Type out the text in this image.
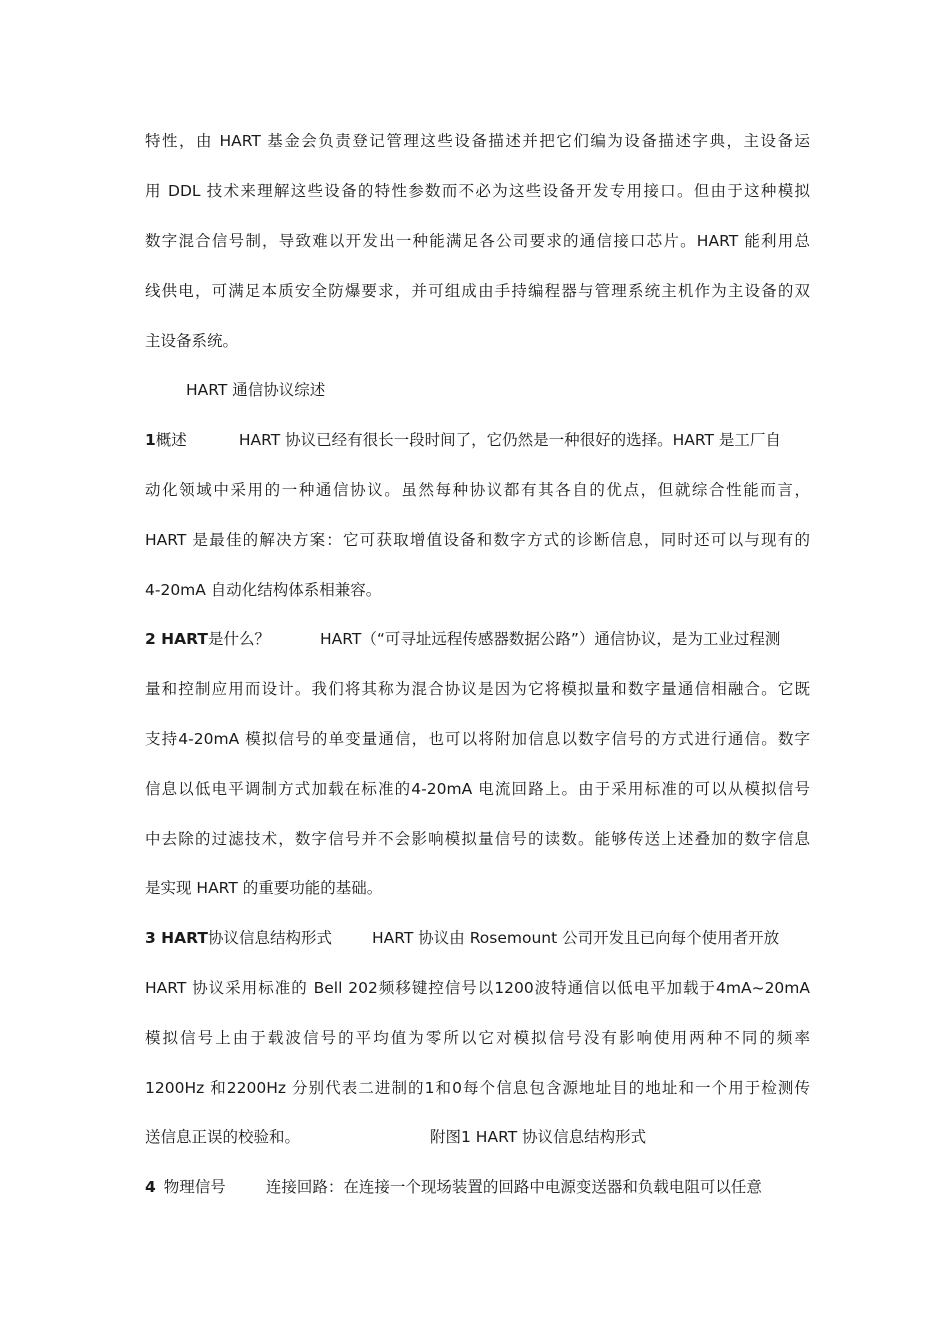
特性，由 HART 基金会负责登记管理这些设备描述并把它们编为设备描述字典，主设备运
用 DDL 技术来理解这些设备的特性参数而不必为这些设备开发专用接口。但由于这种模拟
数字混合信号制，导致难以开发出一种能满足各公司要求的通信接口芯片。HART 能利用总
线供电，可满足本质安全防爆要求，并可组成由手持编程器与管理系统主机作为主设备的双
主设备系统。
HART 通信协议综述
1概述	HART 协议已经有很长一段时间了，它仍然是一种很好的选择。HART 是工厂自
动化领域中采用的一种通信协议。虽然每种协议都有其各自的优点，但就综合性能而言，
HART 是最佳的解决方案：它可获取增值设备和数字方式的诊断信息，同时还可以与现有的
4-20mA 自动化结构体系相兼容。
2 HART是什么？	HART（“可寻址远程传感器数据公路”）通信协议，是为工业过程测
量和控制应用而设计。我们将其称为混合协议是因为它将模拟量和数字量通信相融合。它既
支持4-20mA 模拟信号的单变量通信，也可以将附加信息以数字信号的方式进行通信。数字
信息以低电平调制方式加载在标准的4-20mA 电流回路上。由于采用标准的可以从模拟信号
中去除的过滤技术，数字信号并不会影响模拟量信号的读数。能够传送上述叠加的数字信息
是实现 HART 的重要功能的基础。
3 HART协议信息结构形式	HART 协议由 Rosemount 公司开发且已向每个使用者开放
HART 协议采用标准的 Bell 202频移键控信号以1200波特通信以低电平加载于4mA~20mA
模拟信号上由于载波信号的平均值为零所以它对模拟信号没有影响使用两种不同的频率
1200Hz 和2200Hz 分别代表二进制的1和0每个信息包含源地址目的地址和一个用于检测传
送信息正误的校验和。	附图1 HART 协议信息结构形式
4 物理信号	连接回路：在连接一个现场装置的回路中电源变送器和负载电阻可以任意
